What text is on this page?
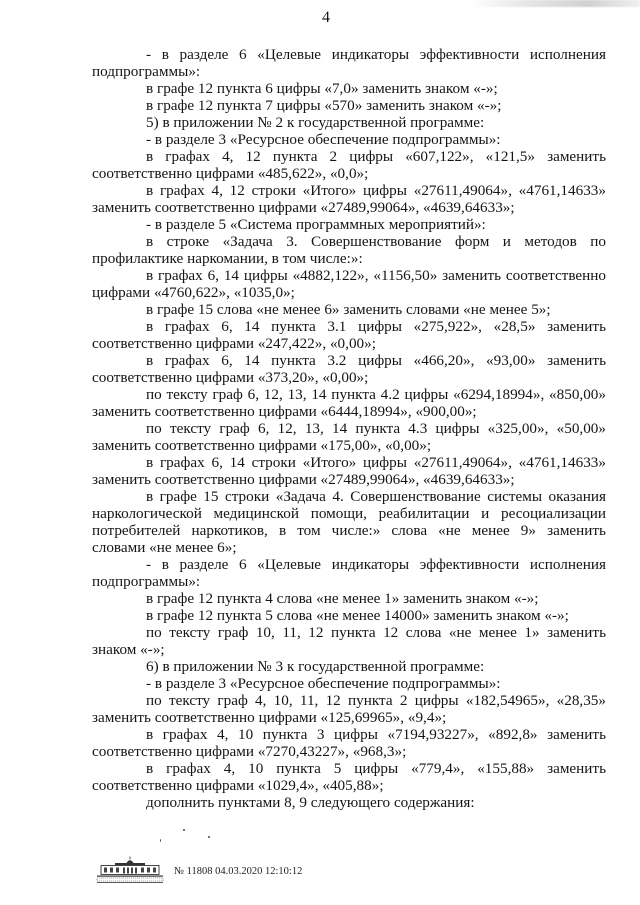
4
- в разделе 6 «Целевые индикаторы эффективности исполнения
подпрограммы»:
в графе 12 пункта 6 цифры «7,0» заменить знаком «-»;
в графе 12 пункта 7 цифры «570» заменить знаком «-»;
5) в приложении № 2 к государственной программе:
- в разделе 3 «Ресурсное обеспечение подпрограммы»:
в графах 4, 12 пункта 2 цифры «607,122», «121,5» заменить
соответственно цифрами «485,622», «0,0»;
в графах 4, 12 строки «Итого» цифры «27611,49064», «4761,14633»
заменить соответственно цифрами «27489,99064», «4639,64633»;
- в разделе 5 «Система программных мероприятий»:
в строке «Задача 3. Совершенствование форм и методов по
профилактике наркомании, в том числе:»:
в графах 6, 14 цифры «4882,122», «1156,50» заменить соответственно
цифрами «4760,622», «1035,0»;
в графе 15 слова «не менее 6» заменить словами «не менее 5»;
в графах 6, 14 пункта 3.1 цифры «275,922», «28,5» заменить
соответственно цифрами «247,422», «0,00»;
в графах 6, 14 пункта 3.2 цифры «466,20», «93,00» заменить
соответственно цифрами «373,20», «0,00»;
по тексту граф 6, 12, 13, 14 пункта 4.2 цифры «6294,18994», «850,00»
заменить соответственно цифрами «6444,18994», «900,00»;
по тексту граф 6, 12, 13, 14 пункта 4.3 цифры «325,00», «50,00»
заменить соответственно цифрами «175,00», «0,00»;
в графах 6, 14 строки «Итого» цифры «27611,49064», «4761,14633»
заменить соответственно цифрами «27489,99064», «4639,64633»;
в графе 15 строки «Задача 4. Совершенствование системы оказания
наркологической медицинской помощи, реабилитации и ресоциализации
потребителей наркотиков, в том числе:» слова «не менее 9» заменить
словами «не менее 6»;
- в разделе 6 «Целевые индикаторы эффективности исполнения
подпрограммы»:
в графе 12 пункта 4 слова «не менее 1» заменить знаком «-»;
в графе 12 пункта 5 слова «не менее 14000» заменить знаком «-»;
по тексту граф 10, 11, 12 пункта 12 слова «не менее 1» заменить
знаком «-»;
6) в приложении № 3 к государственной программе:
- в разделе 3 «Ресурсное обеспечение подпрограммы»:
по тексту граф 4, 10, 11, 12 пункта 2 цифры «182,54965», «28,35»
заменить соответственно цифрами «125,69965», «9,4»;
в графах 4, 10 пункта 3 цифры «7194,93227», «892,8» заменить
соответственно цифрами «7270,43227», «968,3»;
в графах 4, 10 пункта 5 цифры «779,4», «155,88» заменить
соответственно цифрами «1029,4», «405,88»;
дополнить пунктами 8, 9 следующего содержания:
№ 11808 04.03.2020 12:10:12
